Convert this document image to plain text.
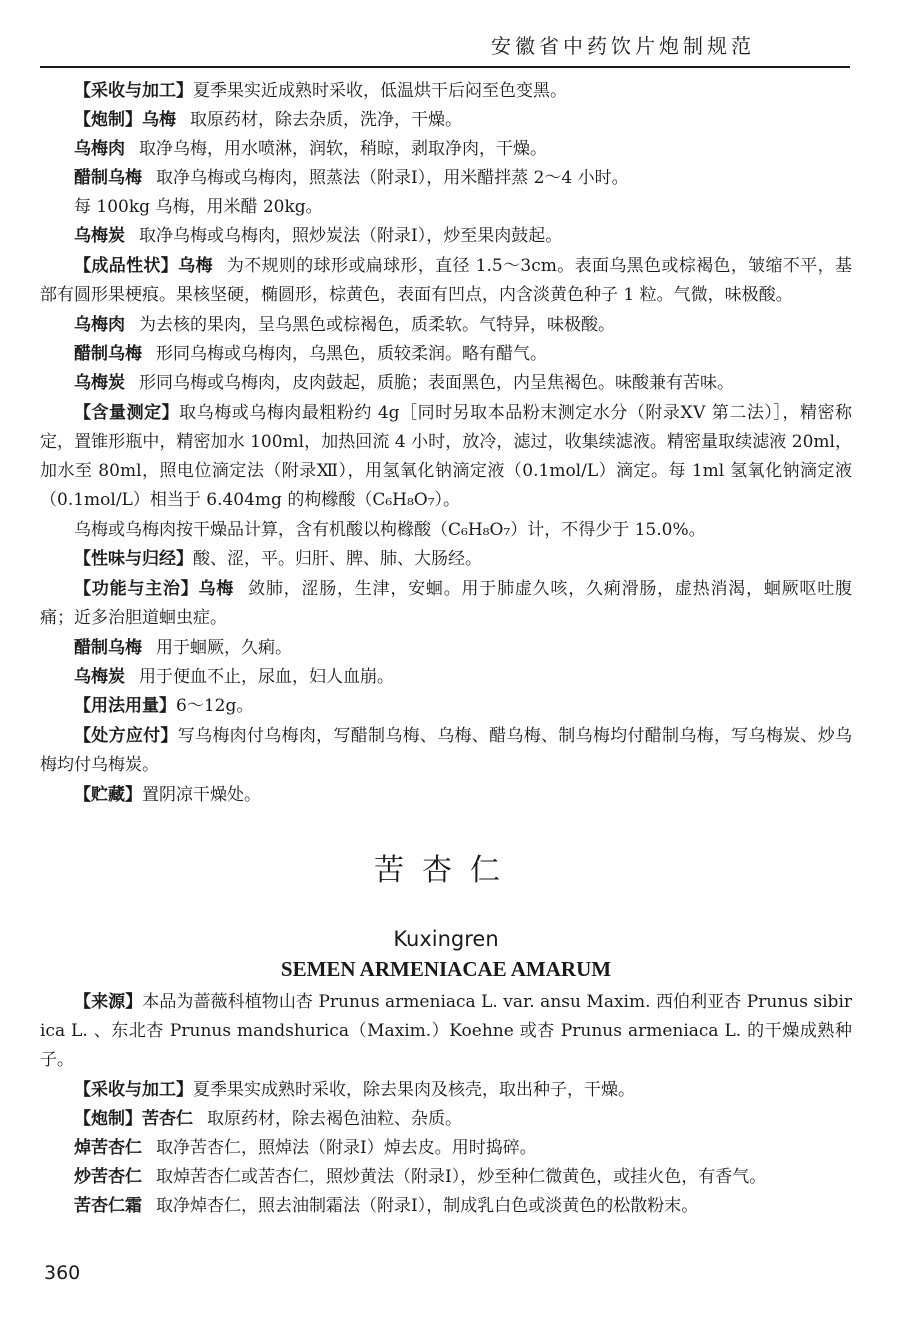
安徽省中药饮片炮制规范

【采收与加工】夏季果实近成熟时采收，低温烘干后闷至色变黑。

【炮制】乌梅 取原药材，除去杂质，洗净，干燥。

乌梅肉 取净乌梅，用水喷淋，润软，稍晾，剥取净肉，干燥。

醋制乌梅 取净乌梅或乌梅肉，照蒸法（附录Ⅰ），用米醋拌蒸 2～4 小时。

每 100kg 乌梅，用米醋 20kg。

乌梅炭 取净乌梅或乌梅肉，照炒炭法（附录Ⅰ），炒至果肉鼓起。

【成品性状】乌梅 为不规则的球形或扁球形，直径 1.5～3cm。表面乌黑色或棕褐色，皱缩不平，基部有圆形果梗痕。果核坚硬，椭圆形，棕黄色，表面有凹点，内含淡黄色种子 1 粒。气微，味极酸。

乌梅肉 为去核的果肉，呈乌黑色或棕褐色，质柔软。气特异，味极酸。

醋制乌梅 形同乌梅或乌梅肉，乌黑色，质较柔润。略有醋气。

乌梅炭 形同乌梅或乌梅肉，皮肉鼓起，质脆；表面黑色，内呈焦褐色。味酸兼有苦味。

【含量测定】取乌梅或乌梅肉最粗粉约 4g［同时另取本品粉末测定水分（附录ⅩⅤ 第二法）］，精密称定，置锥形瓶中，精密加水 100ml，加热回流 4 小时，放冷，滤过，收集续滤液。精密量取续滤液 20ml，加水至 80ml，照电位滴定法（附录Ⅻ），用氢氧化钠滴定液（0.1mol/L）滴定。每 1ml 氢氧化钠滴定液（0.1mol/L）相当于 6.404mg 的枸橼酸（C₆H₈O₇）。

乌梅或乌梅肉按干燥品计算，含有机酸以枸橼酸（C₆H₈O₇）计，不得少于 15.0%。

【性味与归经】酸、涩，平。归肝、脾、肺、大肠经。

【功能与主治】乌梅 敛肺，涩肠，生津，安蛔。用于肺虚久咳，久痢滑肠，虚热消渴，蛔厥呕吐腹痛；近多治胆道蛔虫症。

醋制乌梅 用于蛔厥，久痢。

乌梅炭 用于便血不止，尿血，妇人血崩。

【用法用量】6～12g。

【处方应付】写乌梅肉付乌梅肉，写醋制乌梅、乌梅、醋乌梅、制乌梅均付醋制乌梅，写乌梅炭、炒乌梅均付乌梅炭。

【贮藏】置阴凉干燥处。

苦杏仁
Kuxingren
SEMEN ARMENIACAE AMARUM

【来源】本品为蔷薇科植物山杏 Prunus armeniaca L. var. ansu Maxim. 西伯利亚杏 Prunus sibirica L. 、东北杏 Prunus mandshurica（Maxim.）Koehne 或杏 Prunus armeniaca L. 的干燥成熟种子。

【采收与加工】夏季果实成熟时采收，除去果肉及核壳，取出种子，干燥。

【炮制】苦杏仁 取原药材，除去褐色油粒、杂质。

焯苦杏仁 取净苦杏仁，照焯法（附录Ⅰ）焯去皮。用时捣碎。

炒苦杏仁 取焯苦杏仁或苦杏仁，照炒黄法（附录Ⅰ），炒至种仁微黄色，或挂火色，有香气。

苦杏仁霜 取净焯杏仁，照去油制霜法（附录Ⅰ），制成乳白色或淡黄色的松散粉末。

360
